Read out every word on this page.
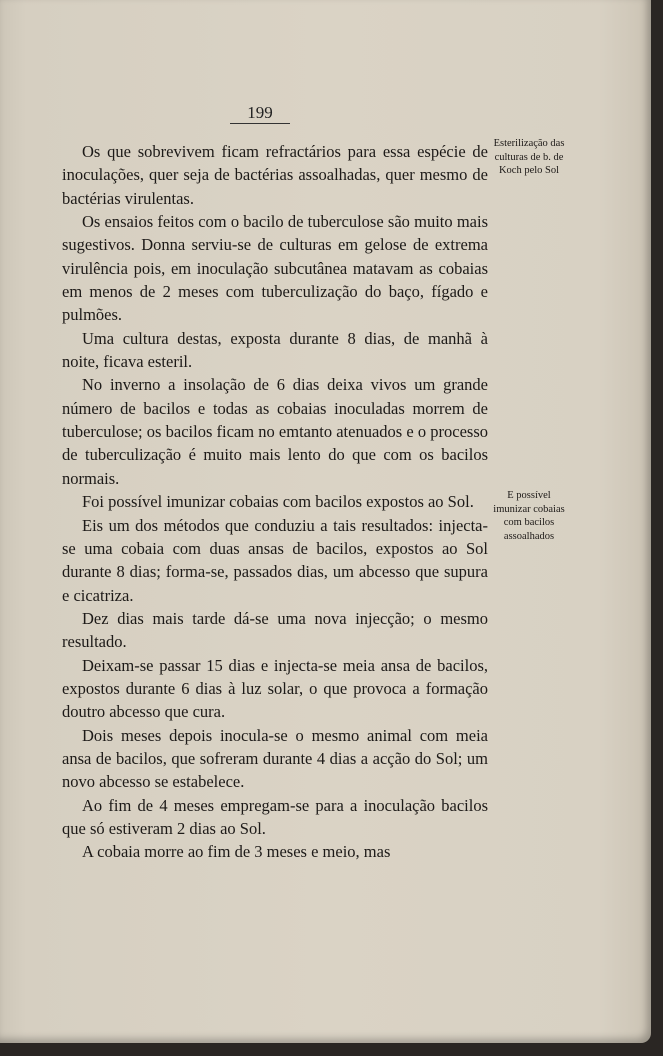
199

Os que sobrevivem ficam refractários para essa espécie de inoculações, quer seja de bactérias assoalhadas, quer mesmo de bactérias virulentas.

Os ensaios feitos com o bacilo de tuberculose são muito mais sugestivos. Donna serviu-se de culturas em gelose de extrema virulência pois, em inoculação subcutânea matavam as cobaias em menos de 2 meses com tuberculização do baço, fígado e pulmões.

Uma cultura destas, exposta durante 8 dias, de manhã à noite, ficava esteril.

No inverno a insolação de 6 dias deixa vivos um grande número de bacilos e todas as cobaias inoculadas morrem de tuberculose; os bacilos ficam no emtanto atenuados e o processo de tuberculização é muito mais lento do que com os bacilos normais.

Foi possível imunizar cobaias com bacilos expostos ao Sol.

Eis um dos métodos que conduziu a tais resultados: injecta-se uma cobaia com duas ansas de bacilos, expostos ao Sol durante 8 dias; forma-se, passados dias, um abcesso que supura e cicatriza.

Dez dias mais tarde dá-se uma nova injecção; o mesmo resultado.

Deixam-se passar 15 dias e injecta-se meia ansa de bacilos, expostos durante 6 dias à luz solar, o que provoca a formação doutro abcesso que cura.

Dois meses depois inocula-se o mesmo animal com meia ansa de bacilos, que sofreram durante 4 dias a acção do Sol; um novo abcesso se estabelece.

Ao fim de 4 meses empregam-se para a inoculação bacilos que só estiveram 2 dias ao Sol.

A cobaia morre ao fim de 3 meses e meio, mas

Esterilização das culturas de b. de Koch pelo Sol
E possível imunizar cobaias com bacilos assoalhados
